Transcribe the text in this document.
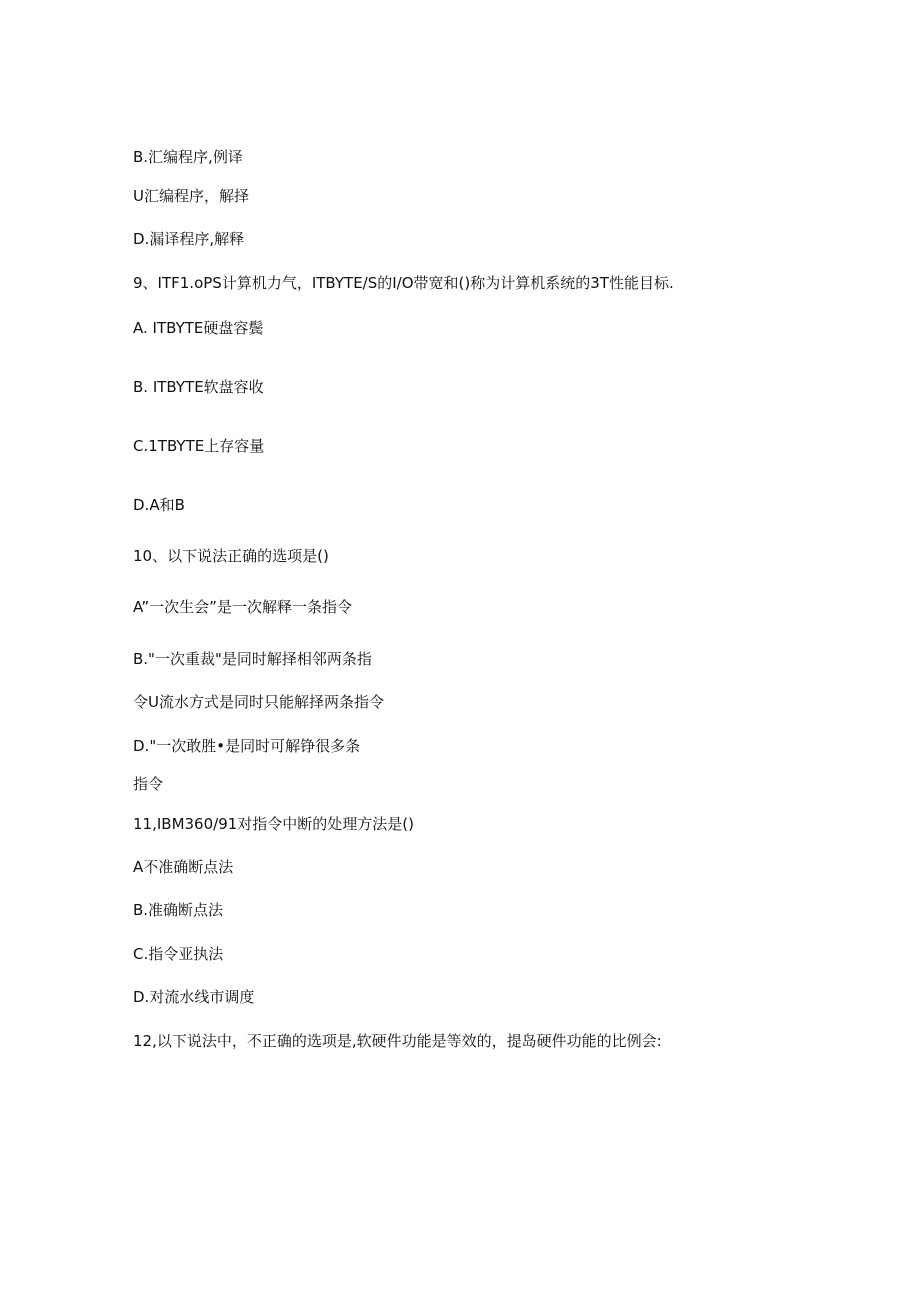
B.汇编程序,例译
U汇编程序，解择
D.漏译程序,解释
9、ITF1.oPS计算机力气，ITBYTE/S的I/O带宽和()称为计算机系统的3T性能目标.
A. ITBYTE硬盘容鬓
B. ITBYTE软盘容收
C.1TBYTE上存容量
D.A和B
10、以下说法正确的选项是()
A”一次生会”是一次解释一条指令
B."一次重裁"是同时解择相邻两条指
令U流水方式是同时只能解择两条指令
D."一次敢胜•是同时可解铮很多条
指令
11,IBM360/91对指令中断的处理方法是()
A不准确断点法
B.准确断点法
C.指令亚执法
D.对流水线市调度
12,以下说法中，不正确的选项是,软硬件功能是等效的，提岛硬件功能的比例会:
